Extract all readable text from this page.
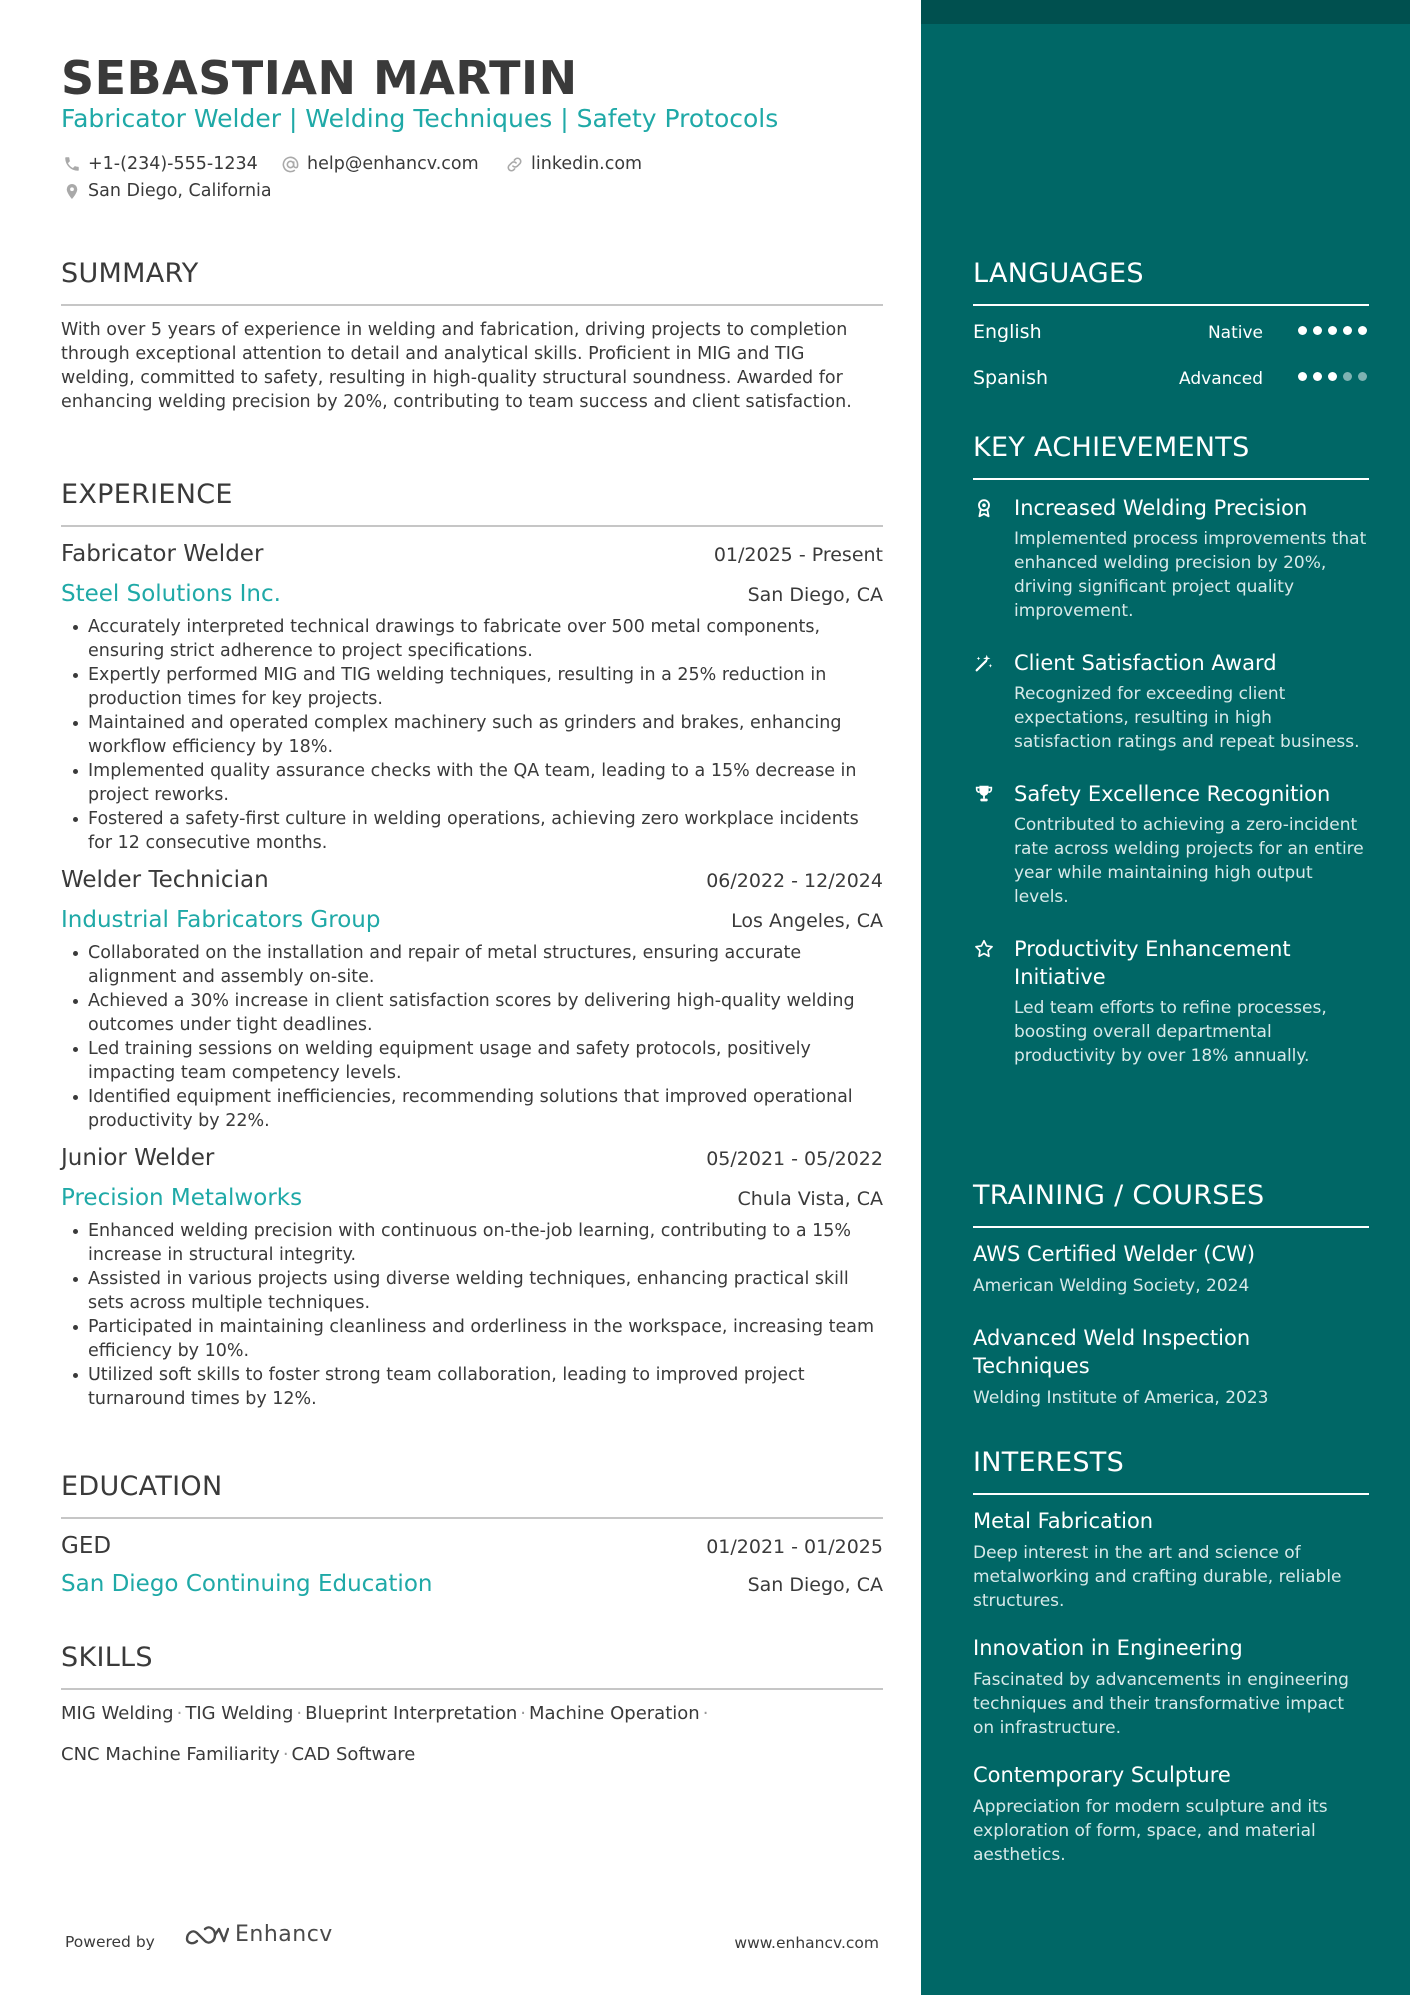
SEBASTIAN MARTIN
Fabricator Welder | Welding Techniques | Safety Protocols
+1-(234)-555-1234	help@enhancv.com	linkedin.com
San Diego, California
SUMMARY
With over 5 years of experience in welding and fabrication, driving projects to completion through exceptional attention to detail and analytical skills. Proficient in MIG and TIG welding, committed to safety, resulting in high-quality structural soundness. Awarded for enhancing welding precision by 20%, contributing to team success and client satisfaction.
EXPERIENCE
Fabricator Welder	01/2025 - Present
Steel Solutions Inc.	San Diego, CA
Accurately interpreted technical drawings to fabricate over 500 metal components, ensuring strict adherence to project specifications.
Expertly performed MIG and TIG welding techniques, resulting in a 25% reduction in production times for key projects.
Maintained and operated complex machinery such as grinders and brakes, enhancing workflow efficiency by 18%.
Implemented quality assurance checks with the QA team, leading to a 15% decrease in project reworks.
Fostered a safety-first culture in welding operations, achieving zero workplace incidents for 12 consecutive months.
Welder Technician	06/2022 - 12/2024
Industrial Fabricators Group	Los Angeles, CA
Collaborated on the installation and repair of metal structures, ensuring accurate alignment and assembly on-site.
Achieved a 30% increase in client satisfaction scores by delivering high-quality welding outcomes under tight deadlines.
Led training sessions on welding equipment usage and safety protocols, positively impacting team competency levels.
Identified equipment inefficiencies, recommending solutions that improved operational productivity by 22%.
Junior Welder	05/2021 - 05/2022
Precision Metalworks	Chula Vista, CA
Enhanced welding precision with continuous on-the-job learning, contributing to a 15% increase in structural integrity.
Assisted in various projects using diverse welding techniques, enhancing practical skill sets across multiple techniques.
Participated in maintaining cleanliness and orderliness in the workspace, increasing team efficiency by 10%.
Utilized soft skills to foster strong team collaboration, leading to improved project turnaround times by 12%.
EDUCATION
GED	01/2021 - 01/2025
San Diego Continuing Education	San Diego, CA
SKILLS
MIG Welding · TIG Welding · Blueprint Interpretation · Machine Operation ·
CNC Machine Familiarity · CAD Software
Powered by	Enhancv	www.enhancv.com
LANGUAGES
English	Native
Spanish	Advanced
KEY ACHIEVEMENTS
Increased Welding Precision
Implemented process improvements that enhanced welding precision by 20%, driving significant project quality improvement.
Client Satisfaction Award
Recognized for exceeding client expectations, resulting in high satisfaction ratings and repeat business.
Safety Excellence Recognition
Contributed to achieving a zero-incident rate across welding projects for an entire year while maintaining high output levels.
Productivity Enhancement Initiative
Led team efforts to refine processes, boosting overall departmental productivity by over 18% annually.
TRAINING / COURSES
AWS Certified Welder (CW)
American Welding Society, 2024
Advanced Weld Inspection Techniques
Welding Institute of America, 2023
INTERESTS
Metal Fabrication
Deep interest in the art and science of metalworking and crafting durable, reliable structures.
Innovation in Engineering
Fascinated by advancements in engineering techniques and their transformative impact on infrastructure.
Contemporary Sculpture
Appreciation for modern sculpture and its exploration of form, space, and material aesthetics.
